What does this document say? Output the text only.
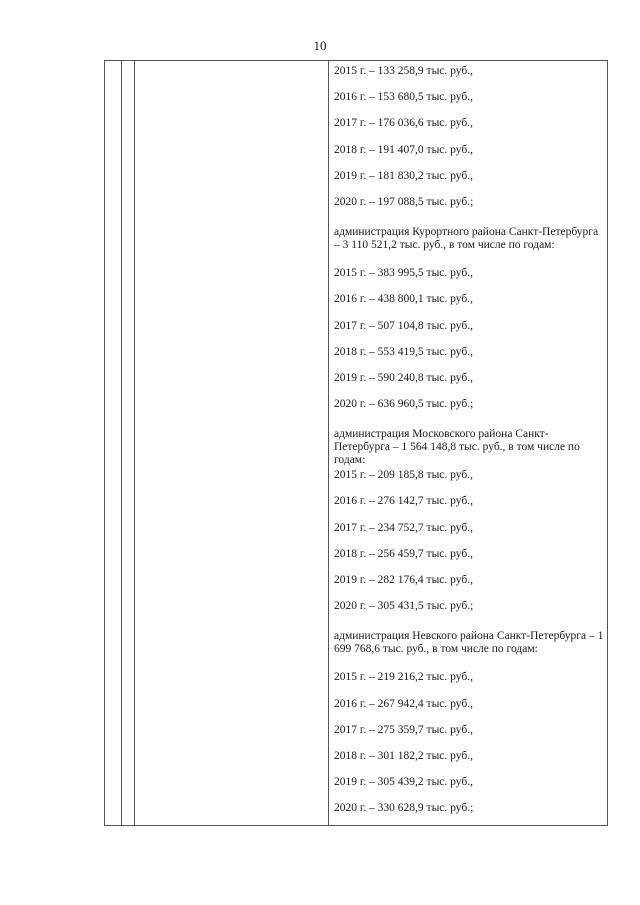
10
2015 г. – 133 258,9 тыс. руб.,
2016 г. – 153 680,5 тыс. руб.,
2017 г. – 176 036,6 тыс. руб.,
2018 г. – 191 407,0 тыс. руб.,
2019 г. – 181 830,2 тыс. руб.,
2020 г. – 197 088,5 тыс. руб.;
администрация Курортного района Санкт-Петербурга – 3 110 521,2 тыс. руб., в том числе по годам:
2015 г. – 383 995,5 тыс. руб.,
2016 г. – 438 800,1 тыс. руб.,
2017 г. – 507 104,8 тыс. руб.,
2018 г. – 553 419,5 тыс. руб.,
2019 г. – 590 240,8 тыс. руб.,
2020 г. – 636 960,5 тыс. руб.;
администрация Московского района Санкт-Петербурга – 1 564 148,8 тыс. руб., в том числе по годам:
2015 г. – 209 185,8 тыс. руб.,
2016 г. – 276 142,7 тыс. руб.,
2017 г. – 234 752,7 тыс. руб.,
2018 г. – 256 459,7 тыс. руб.,
2019 г. – 282 176,4 тыс. руб.,
2020 г. – 305 431,5 тыс. руб.;
администрация Невского района Санкт-Петербурга – 1 699 768,6 тыс. руб., в том числе по годам:
2015 г. – 219 216,2 тыс. руб.,
2016 г. – 267 942,4 тыс. руб.,
2017 г. – 275 359,7 тыс. руб.,
2018 г. – 301 182,2 тыс. руб.,
2019 г. – 305 439,2 тыс. руб.,
2020 г. – 330 628,9 тыс. руб.;
